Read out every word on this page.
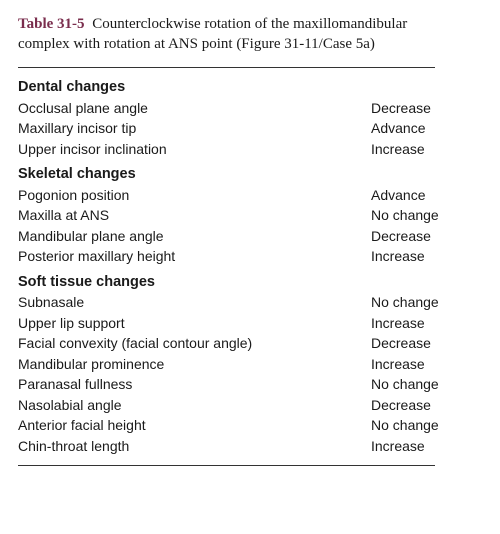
Table 31-5 Counterclockwise rotation of the maxillomandibular complex with rotation at ANS point (Figure 31-11/Case 5a)
Dental changes
Occlusal plane angle	Decrease
Maxillary incisor tip	Advance
Upper incisor inclination	Increase
Skeletal changes
Pogonion position	Advance
Maxilla at ANS	No change
Mandibular plane angle	Decrease
Posterior maxillary height	Increase
Soft tissue changes
Subnasale	No change
Upper lip support	Increase
Facial convexity (facial contour angle)	Decrease
Mandibular prominence	Increase
Paranasal fullness	No change
Nasolabial angle	Decrease
Anterior facial height	No change
Chin-throat length	Increase
